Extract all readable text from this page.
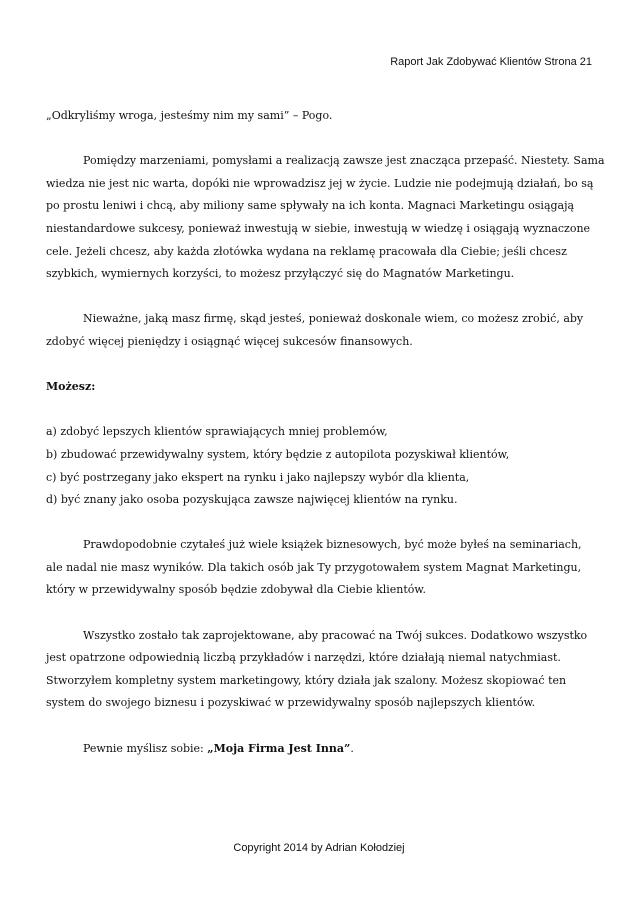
Raport Jak Zdobywać Klientów Strona 21

„Odkryliśmy wroga, jesteśmy nim my sami” – Pogo.

Pomiędzy marzeniami, pomysłami a realizacją zawsze jest znacząca przepaść. Niestety. Sama
wiedza nie jest nic warta, dopóki nie wprowadzisz jej w życie. Ludzie nie podejmują działań, bo są
po prostu leniwi i chcą, aby miliony same spływały na ich konta. Magnaci Marketingu osiągają
niestandardowe sukcesy, ponieważ inwestują w siebie, inwestują w wiedzę i osiągają wyznaczone
cele. Jeżeli chcesz, aby każda złotówka wydana na reklamę pracowała dla Ciebie; jeśli chcesz
szybkich, wymiernych korzyści, to możesz przyłączyć się do Magnatów Marketingu.

Nieważne, jaką masz firmę, skąd jesteś, ponieważ doskonale wiem, co możesz zrobić, aby
zdobyć więcej pieniędzy i osiągnąć więcej sukcesów finansowych.

Możesz:

a) zdobyć lepszych klientów sprawiających mniej problemów,
b) zbudować przewidywalny system, który będzie z autopilota pozyskiwał klientów,
c) być postrzegany jako ekspert na rynku i jako najlepszy wybór dla klienta,
d) być znany jako osoba pozyskująca zawsze najwięcej klientów na rynku.

Prawdopodobnie czytałeś już wiele książek biznesowych, być może byłeś na seminariach,
ale nadal nie masz wyników. Dla takich osób jak Ty przygotowałem system Magnat Marketingu,
który w przewidywalny sposób będzie zdobywał dla Ciebie klientów.

Wszystko zostało tak zaprojektowane, aby pracować na Twój sukces. Dodatkowo wszystko
jest opatrzone odpowiednią liczbą przykładów i narzędzi, które działają niemal natychmiast.
Stworzyłem kompletny system marketingowy, który działa jak szalony. Możesz skopiować ten
system do swojego biznesu i pozyskiwać w przewidywalny sposób najlepszych klientów.

Pewnie myślisz sobie: „Moja Firma Jest Inna”.

Copyright 2014 by Adrian Kołodziej
